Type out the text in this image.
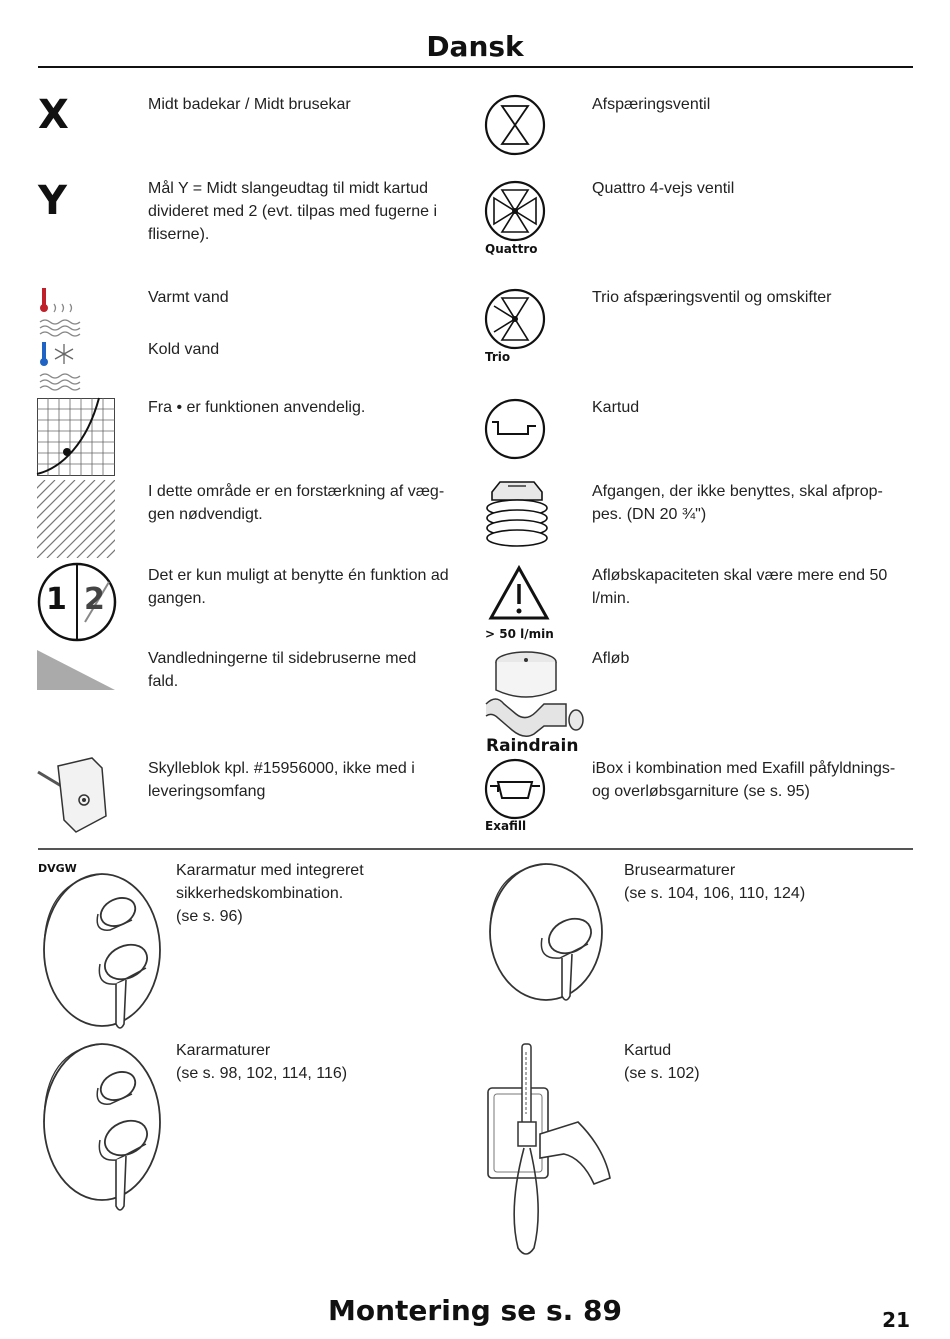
Dansk
X
Y
1 2
Midt badekar / Midt brusekar
Mål Y = Midt slangeudtag til midt kartud divideret med 2 (evt. tilpas med fugerne i fliserne).
Varmt vand
Kold vand
Fra • er funktionen anvendelig.
I dette område er en forstærkning af væg-gen nødvendigt.
Det er kun muligt at benytte én funktion ad gangen.
Vandledningerne til sidebruserne med fald.
Skylleblok kpl. #15956000, ikke med i leveringsomfang
Quattro
Trio
> 50 l/min
Raindrain
Exafill
Afspæringsventil
Quattro 4-vejs ventil
Trio afspæringsventil og omskifter
Kartud
Afgangen, der ikke benyttes, skal afprop-pes. (DN 20 ¾")
Afløbskapaciteten skal være mere end 50 l/min.
Afløb
iBox i kombination med Exafill påfyldnings- og overløbsgarniture (se s. 95)
DVGW	Kararmatur med integreret sikkerhedskombination.
(se s. 96)
Brusearmaturer
(se s. 104, 106, 110, 124)
Kararmaturer
(se s. 98, 102, 114, 116)
Kartud
(se s. 102)
Montering se s. 89	21
